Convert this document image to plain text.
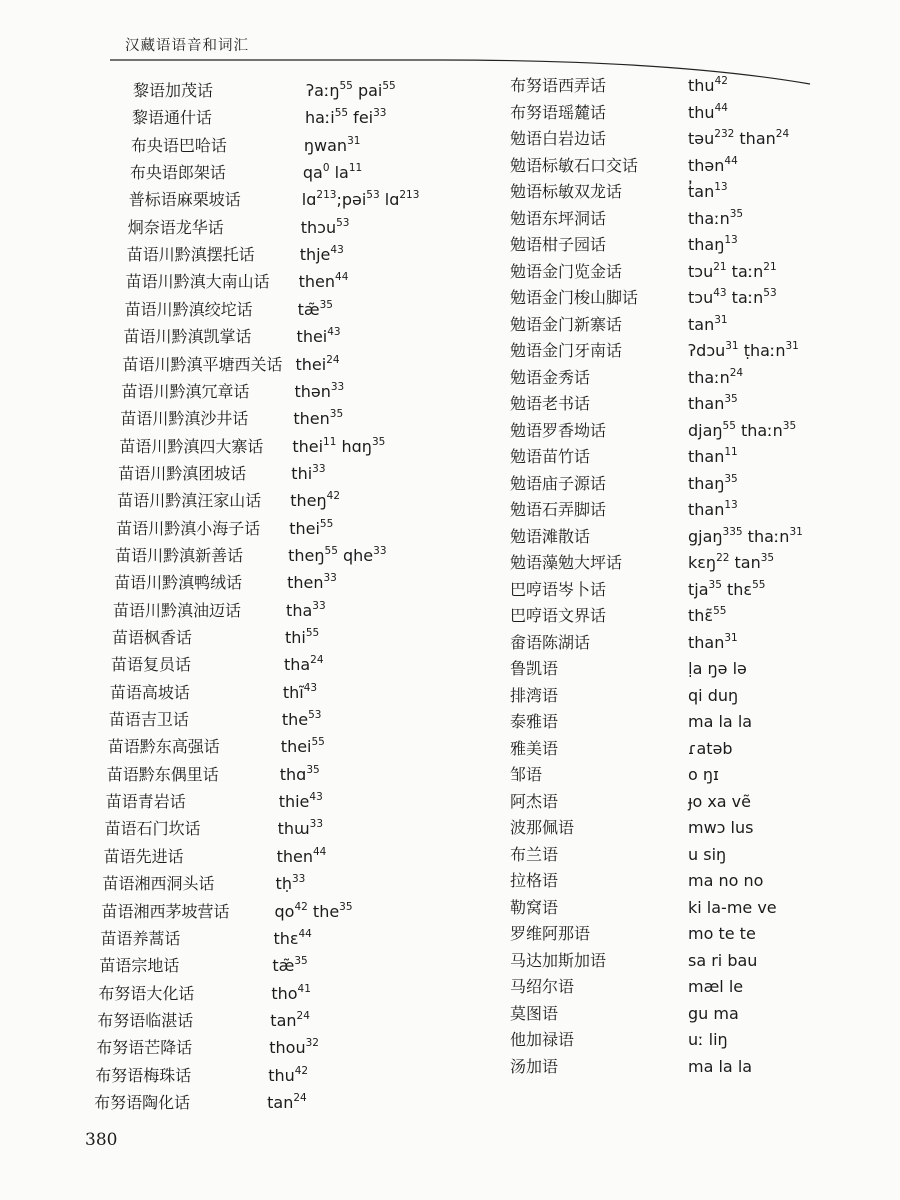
汉藏语语音和词汇
黎语加茂话	ʔaːŋ$^{55}$ pai$^{55}$
黎语通什话	haːi$^{55}$ fei$^{33}$
布央语巴哈话	ŋwan$^{31}$
布央语郎架话	$qa^0$ $la^{11}$
普标语麻栗坡话	lɑ$^{213}$;pəi$^{53}$ lɑ$^{213}$
炯奈语龙华话	thɔu$^{53}$
苗语川黔滇摆托话	thje$^{43}$
苗语川黔滇大南山话 then$^{44}$
苗语川黔滇绞坨话	tæ̃$^{35}$
苗语川黔滇凯掌话	thei$^{43}$
苗语川黔滇平塘西关话 thei$^{24}$
苗语川黔滇冗章话	thən$^{33}$
苗语川黔滇沙井话	then$^{35}$
苗语川黔滇四大寨话 thei$^{11}$ hɑŋ$^{35}$
苗语川黔滇团坡话	thi$^{33}$
苗语川黔滇汪家山话 theŋ$^{42}$
苗语川黔滇小海子话 thei$^{55}$
苗语川黔滇新善话	theŋ$^{55}$ qhe$^{33}$
苗语川黔滇鸭绒话	then$^{33}$
苗语川黔滇油迈话	tha$^{33}$
苗语枫香话	thi$^{55}$
苗语复员话	tha$^{24}$
苗语高坡话	thĩ$^{43}$
苗语吉卫话	the$^{53}$
苗语黔东高强话	thei$^{55}$
苗语黔东偶里话	thɑ$^{35}$
苗语青岩话	thie$^{43}$
苗语石门坎话	thɯ$^{33}$
苗语先进话	then$^{44}$
苗语湘西洞头话	tḥ$^{33}$
苗语湘西茅坡营话	$qo^{42}$ the$^{35}$
苗语养蒿话	thɛ$^{44}$
苗语宗地话	tæ̃$^{35}$
布努语大化话	tho$^{41}$
布努语临湛话	$\tan^{24}$
布努语芒降话	thou$^{32}$
布努语梅珠话	thu$^{42}$
布努语陶化话	$\tan^{24}$
布努语西弄话	thu$^{42}$
布努语瑶麓话	thu$^{44}$
勉语白岩边话	təu$^{232}$ than$^{24}$
勉语标敏石口交话	thən$^{44}$
勉语标敏双龙话	$t̓an^{13}$
勉语东坪洞话	thaːn$^{35}$
勉语柑子园话	thaŋ$^{13}$
勉语金门览金话	tɔu$^{21}$ taːn$^{21}$
勉语金门梭山脚话	tɔu$^{43}$ taːn$^{53}$
勉语金门新寨话	$\tan^{31}$
勉语金门牙南话	ʔdɔu$^{31}$ ṭhaːn$^{31}$
勉语金秀话	thaːn$^{24}$
勉语老书话	than$^{35}$
勉语罗香坳话	djaŋ$^{55}$ thaːn$^{35}$
勉语苗竹话	than$^{11}$
勉语庙子源话	thaŋ$^{35}$
勉语石弄脚话	than$^{13}$
勉语滩散话	gjaŋ$^{335}$ thaːn$^{31}$
勉语藻勉大坪话	kɛŋ$^{22}$ $\tan^{35}$
巴哼语岑卜话	tja$^{35}$ thɛ$^{55}$
巴哼语文界话	thɛ̃$^{55}$
畲语陈湖话	than$^{31}$
鲁凯语	ḷa ŋə lə
排湾语	qi duŋ
泰雅语	ma la la
雅美语	ɾatəb
邹语	o ŋɪ
阿杰语	ɟo xa vẽ
波那佩语	mwɔ lus
布兰语	u siŋ
拉格语	ma no no
勒窝语	ki la-me ve
罗维阿那语	mo te te
马达加斯加语	sa ri bau
马绍尔语	mæl le
莫图语	gu ma
他加禄语	uː liŋ
汤加语	ma la la
380
